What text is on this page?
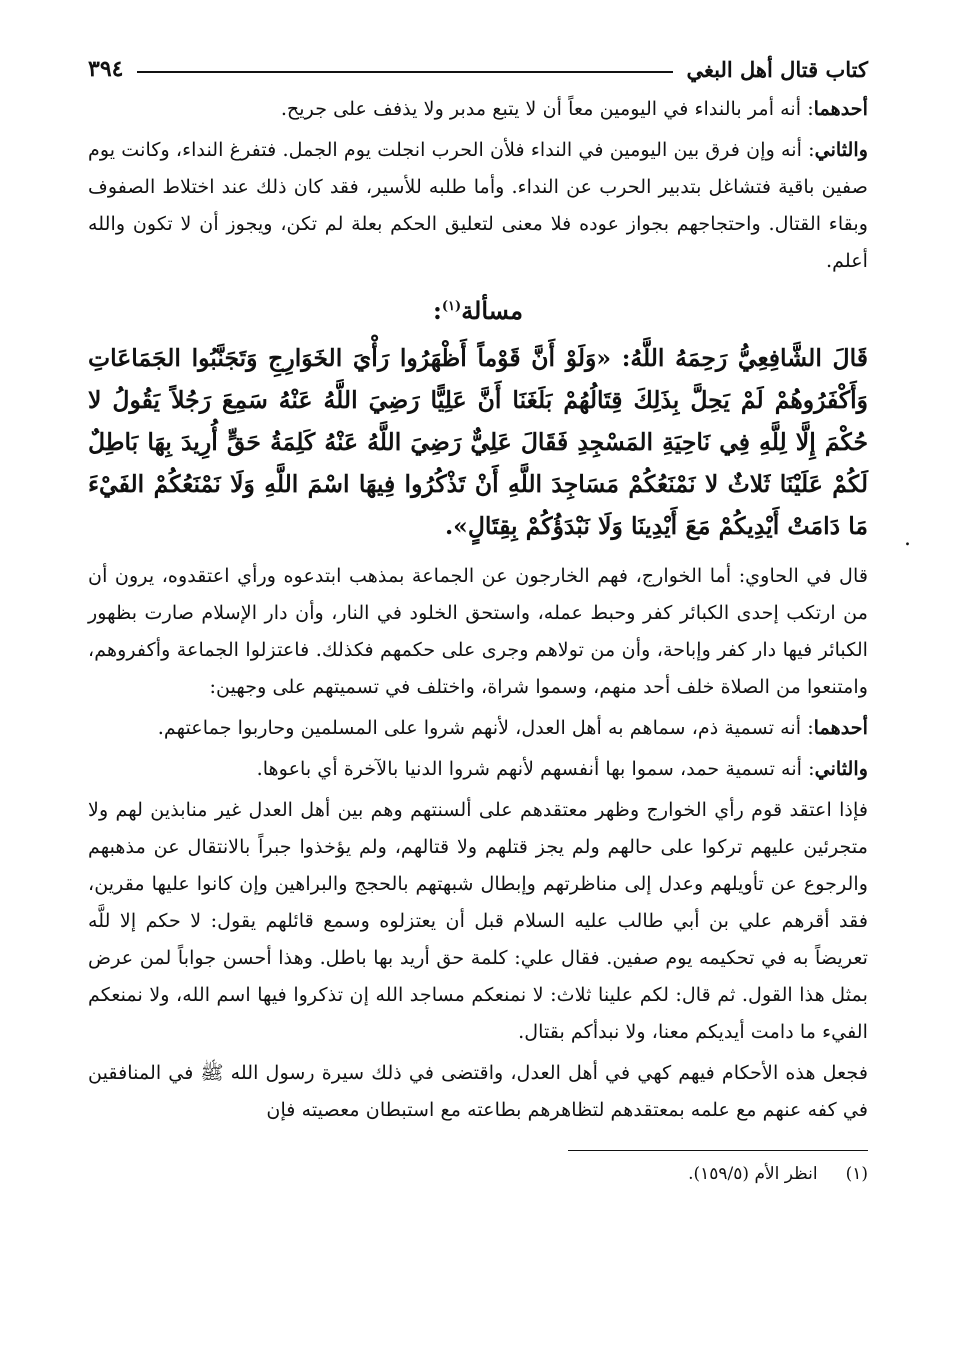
كتاب قتال أهل البغي
٣٩٤

أحدهما: أنه أمر بالنداء في اليومين معاً أن لا يتبع مدبر ولا يذفف على جريح.

والثاني: أنه وإن فرق بين اليومين في النداء فلأن الحرب انجلت يوم الجمل. فتفرغ النداء، وكانت يوم صفين باقية فتشاغل بتدبير الحرب عن النداء. وأما طلبه للأسير، فقد كان ذلك عند اختلاط الصفوف وبقاء القتال. واحتجاجهم بجواز عوده فلا معنى لتعليق الحكم بعلة لم تكن، ويجوز أن لا تكون والله أعلم.

مسألة$^{(١)}$:
قَالَ الشَّافِعِيُّ رَحِمَهُ اللَّهُ: «وَلَوْ أَنَّ قَوْماً أَظْهَرُوا رَأْيَ الخَوَارِجِ وَتَجَنَّبُوا الجَمَاعَاتِ وَأَكْفَرُوهُمْ لَمْ يَحِلَّ بِذَلِكَ قِتَالُهُمْ بَلَغَنَا أَنَّ عَلِيًّا رَضِيَ اللَّهُ عَنْهُ سَمِعَ رَجُلاً يَقُولُ لا حُكْمَ إِلَّا لِلَّهِ فِي نَاحِيَةِ المَسْجِدِ فَقَالَ عَلِيٌّ رَضِيَ اللَّهُ عَنْهُ كَلِمَةُ حَقٍّ أُرِيدَ بِهَا بَاطِلٌ لَكُمْ عَلَيْنَا ثَلاثٌ لا نَمْنَعُكُمْ مَسَاجِدَ اللَّهِ أَنْ تَذْكُرُوا فِيهَا اسْمَ اللَّهِ وَلَا نَمْنَعُكُمْ الفَيْءَ مَا دَامَتْ أَيْدِيكُمْ مَعَ أَيْدِينَا وَلَا نَبْدَؤُكُمْ بِقِتَالٍ».

قال في الحاوي: أما الخوارج، فهم الخارجون عن الجماعة بمذهب ابتدعوه ورأي اعتقدوه، يرون أن من ارتكب إحدى الكبائر كفر وحبط عمله، واستحق الخلود في النار، وأن دار الإسلام صارت بظهور الكبائر فيها دار كفر وإباحة، وأن من تولاهم وجرى على حكمهم فكذلك. فاعتزلوا الجماعة وأكفروهم، وامتنعوا من الصلاة خلف أحد منهم، وسموا شراة، واختلف في تسميتهم على وجهين:

أحدهما: أنه تسمية ذم، سماهم به أهل العدل، لأنهم شروا على المسلمين وحاربوا جماعتهم.

والثاني: أنه تسمية حمد، سموا بها أنفسهم لأنهم شروا الدنيا بالآخرة أي باعوها.

فإذا اعتقد قوم رأي الخوارج وظهر معتقدهم على ألسنتهم وهم بين أهل العدل غير منابذين لهم ولا متجرئين عليهم تركوا على حالهم ولم يجز قتلهم ولا قتالهم، ولم يؤخذوا جبراً بالانتقال عن مذهبهم والرجوع عن تأويلهم وعدل إلى مناظرتهم وإبطال شبهتهم بالحجج والبراهين وإن كانوا عليها مقرين، فقد أقرهم علي بن أبي طالب عليه السلام قبل أن يعتزلوه وسمع قائلهم يقول: لا حكم إلا للَّه تعريضاً به في تحكيمه يوم صفين. فقال علي: كلمة حق أريد بها باطل. وهذا أحسن جواباً لمن عرض بمثل هذا القول. ثم قال: لكم علينا ثلاث: لا نمنعكم مساجد الله إن تذكروا فيها اسم الله، ولا نمنعكم الفيء ما دامت أيديكم معنا، ولا نبدأكم بقتال.

فجعل هذه الأحكام فيهم كهي في أهل العدل، واقتضى في ذلك سيرة رسول الله ﷺ في المنافقين في كفه عنهم مع علمه بمعتقدهم لتظاهرهم بطاعته مع استبطان معصيته فإن

(١)انظر الأم (١٥٩/٥).
.
